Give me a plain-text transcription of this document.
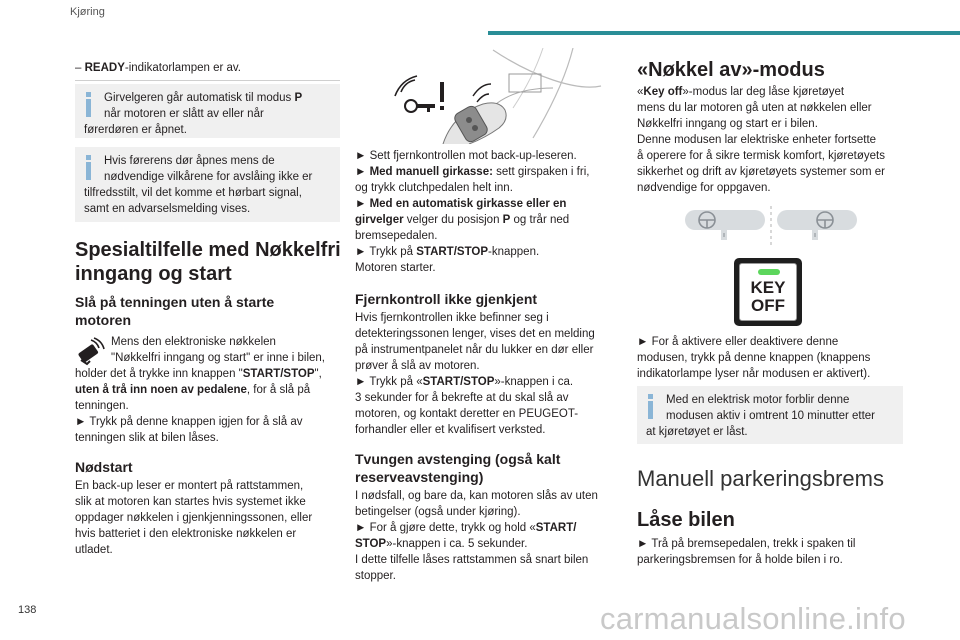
Kjøring

– READY-indikatorlampen er av.

Girvelgeren går automatisk til modus P
når motoren er slått av eller når
førerdøren er åpnet.
Hvis førerens dør åpnes mens de
nødvendige vilkårene for avslåing ikke er
tilfredsstilt, vil det komme et hørbart signal,
samt en advarselsmelding vises.
Spesialtilfelle med Nøkkelfri
inngang og start
Slå på tenningen uten å starte
motoren
Mens den elektroniske nøkkelen
"Nøkkelfri inngang og start" er inne i bilen,
holder det å trykke inn knappen "START/STOP",
uten å trå inn noen av pedalene, for å slå på
tenningen.
► Trykk på denne knappen igjen for å slå av
tenningen slik at bilen låses.
Nødstart
En back-up leser er montert på rattstammen,
slik at motoren kan startes hvis systemet ikke
oppdager nøkkelen i gjenkjenningssonen, eller
hvis batteriet i den elektroniske nøkkelen er
utladet.
► Sett fjernkontrollen mot back-up-leseren.
► Med manuell girkasse: sett girspaken i fri,
og trykk clutchpedalen helt inn.
► Med en automatisk girkasse eller en
girvelger velger du posisjon P og trår ned
bremsepedalen.
► Trykk på START/STOP-knappen.
Motoren starter.
Fjernkontroll ikke gjenkjent
Hvis fjernkontrollen ikke befinner seg i
detekteringssonen lenger, vises det en melding
på instrumentpanelet når du lukker en dør eller
prøver å slå av motoren.
► Trykk på «START/STOP»-knappen i ca.
3 sekunder for å bekrefte at du skal slå av
motoren, og kontakt deretter en PEUGEOT-
forhandler eller et kvalifisert verksted.
Tvungen avstenging (også kalt
reserveavstenging)
I nødsfall, og bare da, kan motoren slås av uten
betingelser (også under kjøring).
► For å gjøre dette, trykk og hold «START/
STOP»-knappen i ca. 5 sekunder.
I dette tilfelle låses rattstammen så snart bilen
stopper.
«Nøkkel av»-modus
«Key off»-modus lar deg låse kjøretøyet
mens du lar motoren gå uten at nøkkelen eller
Nøkkelfri inngang og start er i bilen.
Denne modusen lar elektriske enheter fortsette
å operere for å sikre termisk komfort, kjøretøyets
sikkerhet og drift av kjøretøyets systemer som er
nødvendige for oppgaven.
KEY
OFF
► For å aktivere eller deaktivere denne
modusen, trykk på denne knappen (knappens
indikatorlampe lyser når modusen er aktivert).
Med en elektrisk motor forblir denne
modusen aktiv i omtrent 10 minutter etter
at kjøretøyet er låst.
Manuell parkeringsbrems
Låse bilen
► Trå på bremsepedalen, trekk i spaken til
parkeringsbremsen for å holde bilen i ro.
138	carmanualsonline.info
